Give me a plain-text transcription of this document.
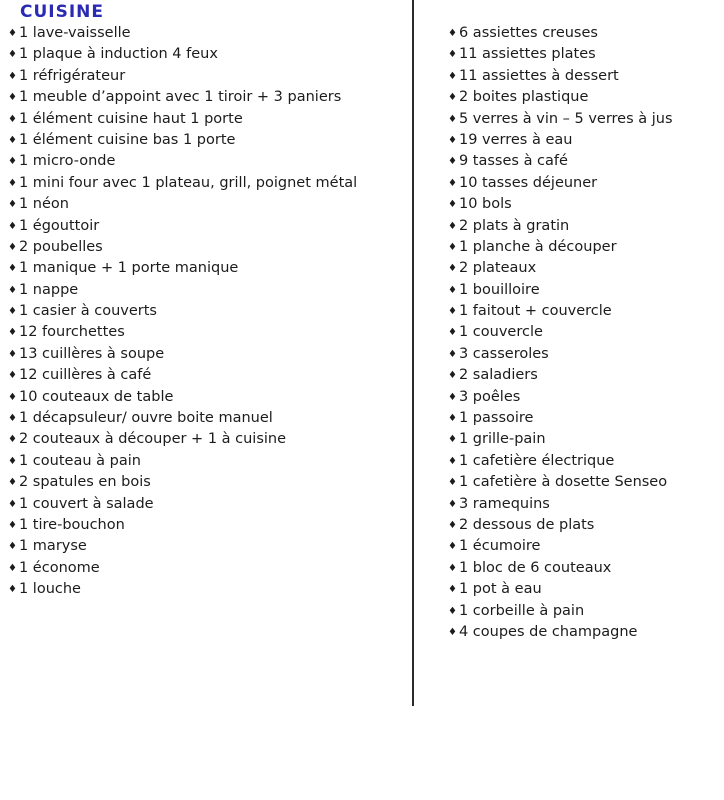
CUISINE
♦ 1 lave-vaisselle
♦ 1 plaque à induction 4 feux
♦ 1 réfrigérateur
♦ 1 meuble d’appoint avec 1 tiroir + 3 paniers
♦ 1 élément cuisine haut 1 porte
♦ 1 élément cuisine bas 1 porte
♦ 1 micro-onde
♦ 1 mini four avec 1 plateau, grill, poignet métal
♦ 1 néon
♦ 1 égouttoir
♦ 2 poubelles
♦ 1 manique + 1 porte manique
♦ 1 nappe
♦ 1 casier à couverts
♦ 12 fourchettes
♦ 13 cuillères à soupe
♦ 12 cuillères à café
♦ 10 couteaux de table
♦ 1 décapsuleur/ ouvre boite manuel
♦ 2 couteaux à découper + 1 à cuisine
♦ 1 couteau à pain
♦ 2 spatules en bois
♦ 1 couvert à salade
♦ 1 tire-bouchon
♦ 1 maryse
♦ 1 économe
♦ 1 louche
♦ 6 assiettes creuses
♦ 11 assiettes plates
♦ 11 assiettes à dessert
♦ 2 boites plastique
♦ 5 verres à vin – 5 verres à jus
♦ 19 verres à eau
♦ 9 tasses à café
♦ 10 tasses déjeuner
♦ 10 bols
♦ 2 plats à gratin
♦ 1 planche à découper
♦ 2 plateaux
♦ 1 bouilloire
♦ 1 faitout + couvercle
♦ 1 couvercle
♦ 3 casseroles
♦ 2 saladiers
♦ 3 poêles
♦ 1 passoire
♦ 1 grille-pain
♦ 1 cafetière électrique
♦ 1 cafetière à dosette Senseo
♦ 3 ramequins
♦ 2 dessous de plats
♦ 1 écumoire
♦ 1 bloc de 6 couteaux
♦ 1 pot à eau
♦ 1 corbeille à pain
♦ 4 coupes de champagne
